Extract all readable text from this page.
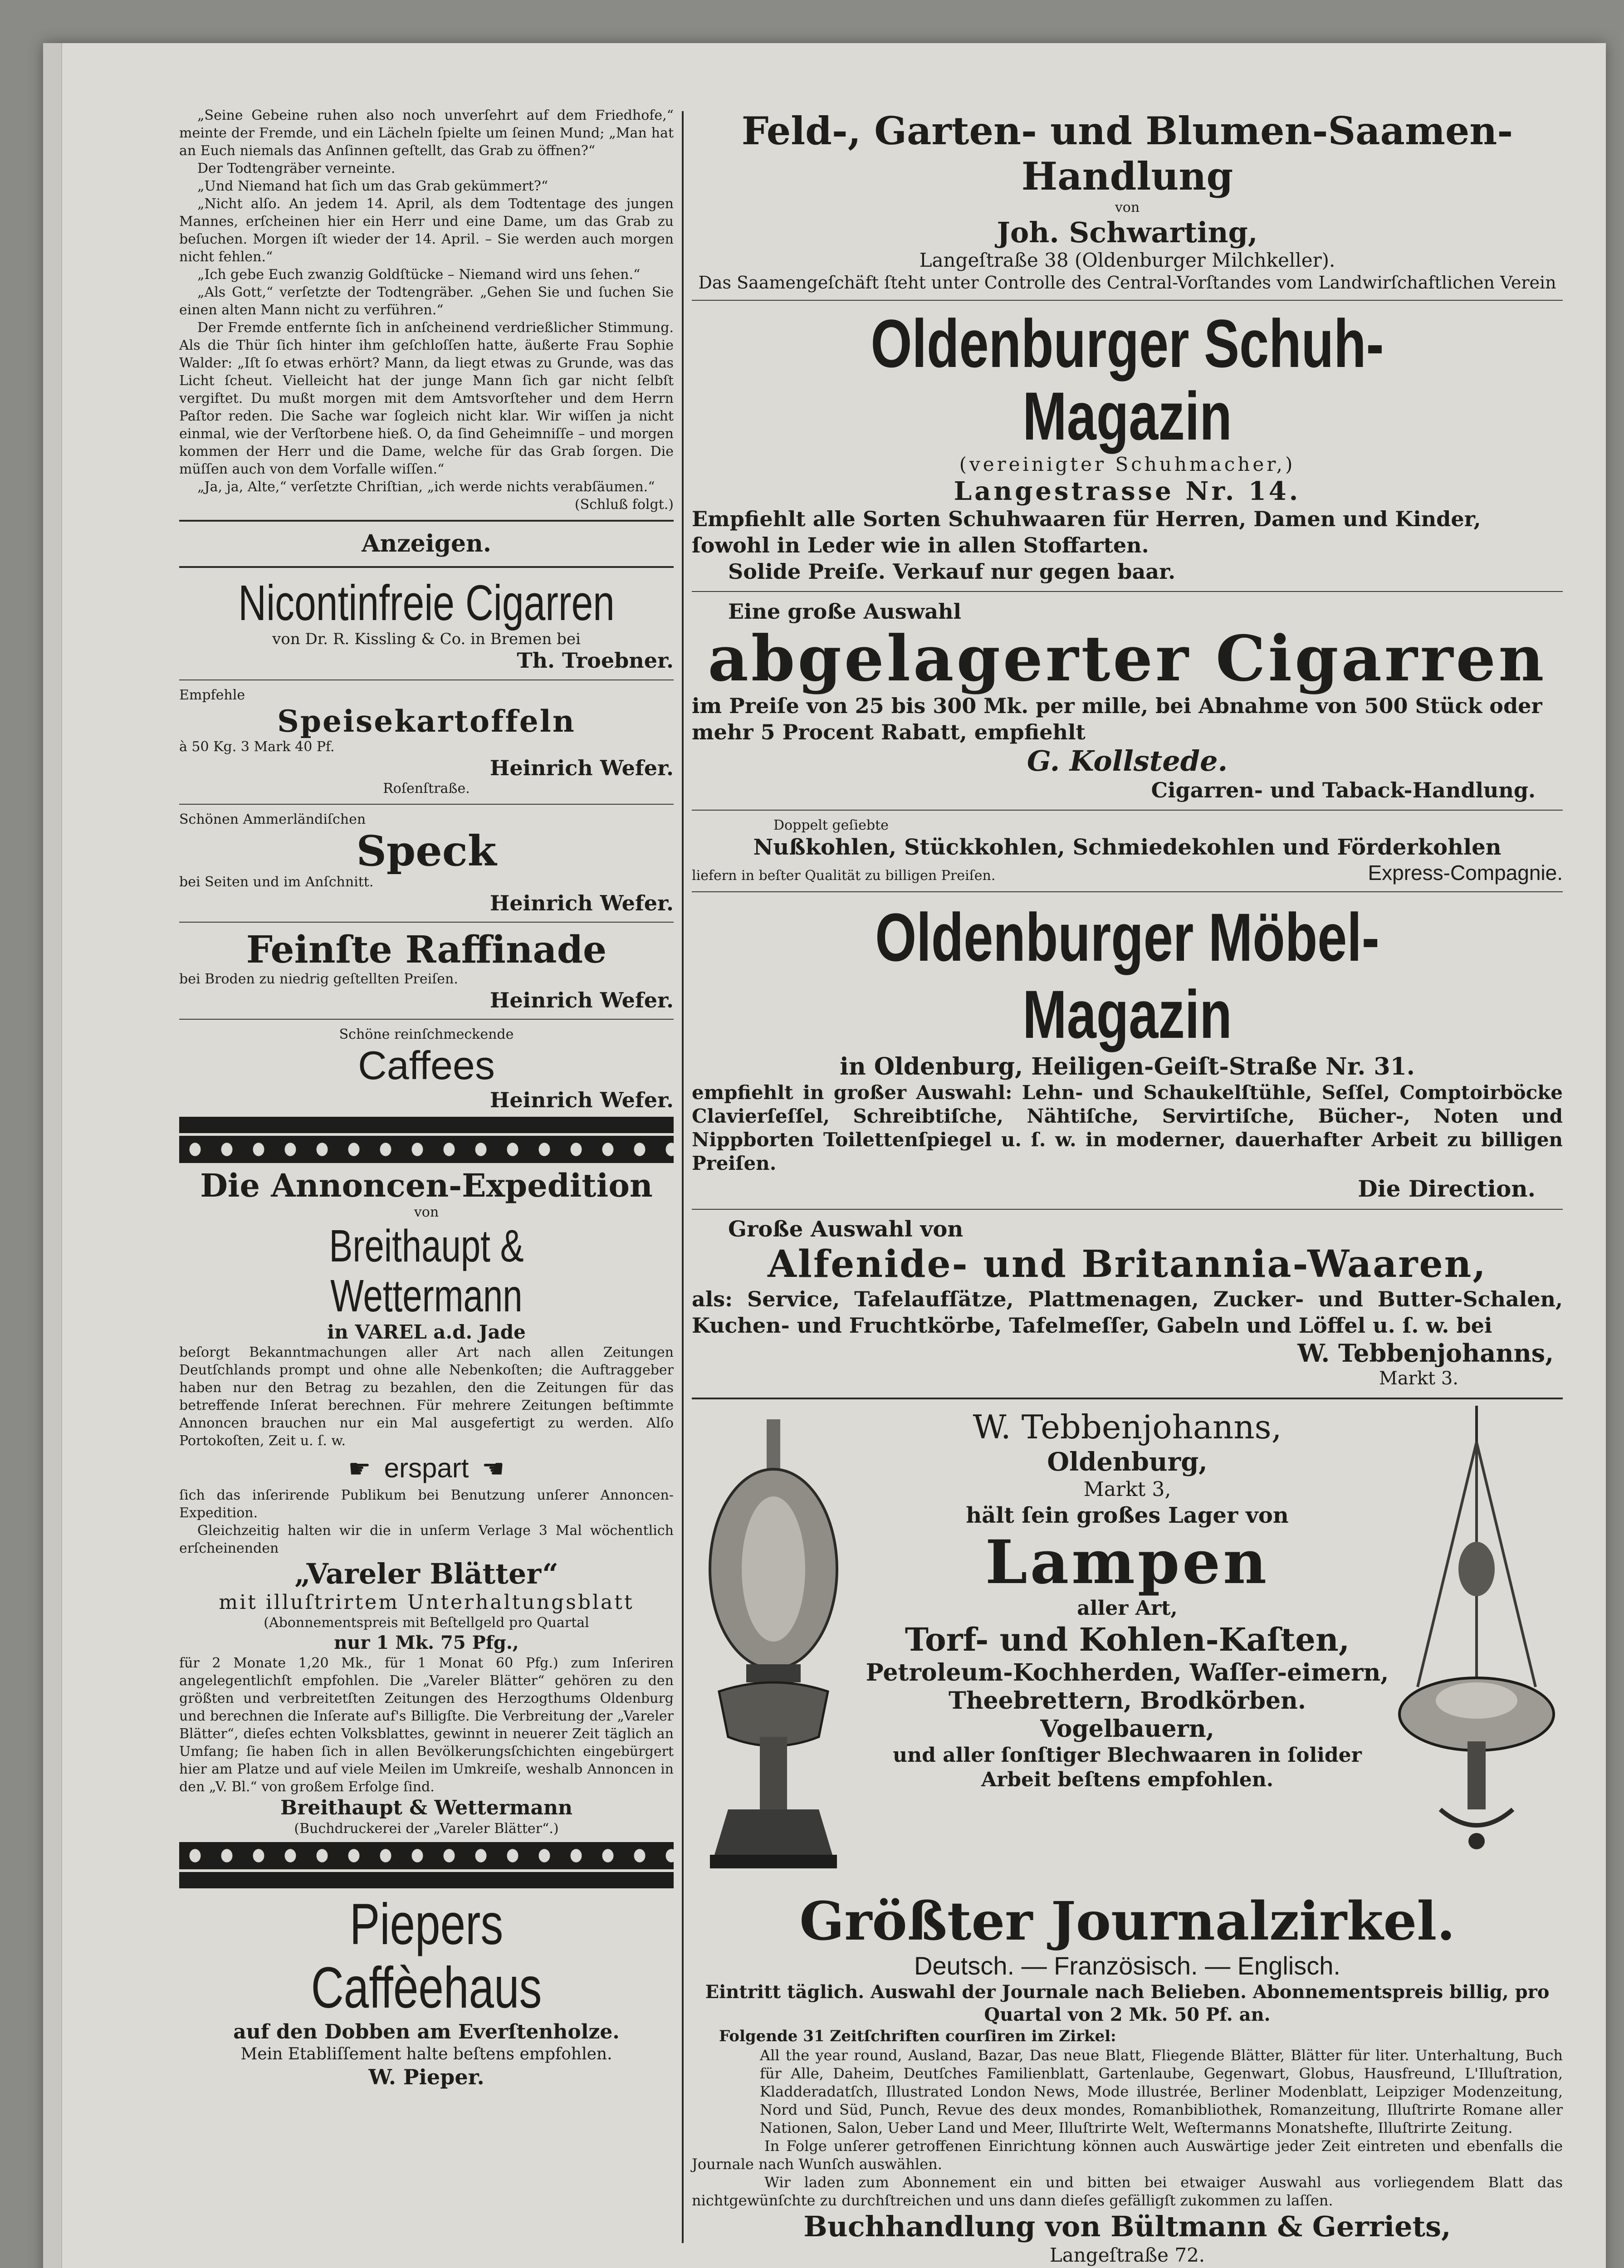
„Seine Gebeine ruhen also noch unverſehrt auf dem Friedhofe,“ meinte der Fremde, und ein Lächeln ſpielte um ſeinen Mund; „Man hat an Euch niemals das Anſinnen geſtellt, das Grab zu öffnen?“

Der Todtengräber verneinte.

„Und Niemand hat ſich um das Grab gekümmert?“

„Nicht alſo. An jedem 14. April, als dem Todtentage des jungen Mannes, erſcheinen hier ein Herr und eine Dame, um das Grab zu beſuchen. Morgen iſt wieder der 14. April. – Sie werden auch morgen nicht fehlen.“

„Ich gebe Euch zwanzig Goldſtücke – Niemand wird uns ſehen.“

„Als Gott,“ verſetzte der Todtengräber. „Gehen Sie und ſuchen Sie einen alten Mann nicht zu verführen.“

Der Fremde entfernte ſich in anſcheinend verdrießlicher Stimmung. Als die Thür ſich hinter ihm geſchloſſen hatte, äußerte Frau Sophie Walder: „Iſt ſo etwas erhört? Mann, da liegt etwas zu Grunde, was das Licht ſcheut. Vielleicht hat der junge Mann ſich gar nicht ſelbſt vergiftet. Du mußt morgen mit dem Amtsvorſteher und dem Herrn Paſtor reden. Die Sache war ſogleich nicht klar. Wir wiſſen ja nicht einmal, wie der Verſtorbene hieß. O, da ſind Geheimniſſe – und morgen kommen der Herr und die Dame, welche für das Grab ſorgen. Die müſſen auch von dem Vorfalle wiſſen.“

„Ja, ja, Alte,“ verſetzte Chriſtian, „ich werde nichts verabſäumen.“

(Schluß folgt.)

Anzeigen.

Nicontinfreie Cigarren

von Dr. R. Kissling & Co. in Bremen bei

Th. Troebner.

Empfehle

Speisekartoffeln

à 50 Kg. 3 Mark 40 Pf.

Heinrich Wefer.

Roſenſtraße.

Schönen Ammerländiſchen

Speck

bei Seiten und im Anſchnitt.

Heinrich Wefer.

Feinſte Raffinade

bei Broden zu niedrig geſtellten Preiſen.

Heinrich Wefer.

Schöne reinſchmeckende

Caffees

Heinrich Wefer.

Die Annoncen-Expedition

von

Breithaupt & Wettermann

in VAREL a.d. Jade

beſorgt Bekanntmachungen aller Art nach allen Zeitungen Deutſchlands prompt und ohne alle Nebenkoſten; die Auftraggeber haben nur den Betrag zu bezahlen, den die Zeitungen für das betreffende Inſerat berechnen. Für mehrere Zeitungen beſtimmte Annoncen brauchen nur ein Mal ausgefertigt zu werden. Alſo Portokoſten, Zeit u. ſ. w.

☛ erspart ☛

ſich das inſerirende Publikum bei Benutzung unſerer Annoncen-Expedition.

Gleichzeitig halten wir die in unſerm Verlage 3 Mal wöchentlich erſcheinenden

„Vareler Blätter“

mit illuſtrirtem Unterhaltungsblatt

(Abonnementspreis mit Beſtellgeld pro Quartal

nur 1 Mk. 75 Pfg.,

für 2 Monate 1,20 Mk., für 1 Monat 60 Pfg.) zum Inſeriren angelegentlichſt empfohlen. Die „Vareler Blätter“ gehören zu den größten und verbreitetſten Zeitungen des Herzogthums Oldenburg und berechnen die Inſerate auf's Billigſte. Die Verbreitung der „Vareler Blätter“, dieſes echten Volksblattes, gewinnt in neuerer Zeit täglich an Umfang; ſie haben ſich in allen Bevölkerungsſchichten eingebürgert hier am Platze und auf viele Meilen im Umkreiſe, weshalb Annoncen in den „V. Bl.“ von großem Erfolge ſind.

Breithaupt & Wettermann

(Buchdruckerei der „Vareler Blätter“.)

Piepers Caffèehaus

auf den Dobben am Everſtenholze.

Mein Etabliſſement halte beſtens empfohlen.

W. Pieper.

Feld-, Garten- und Blumen-Saamen-Handlung

von

Joh. Schwarting,

Langeſtraße 38 (Oldenburger Milchkeller).

Das Saamengeſchäft ſteht unter Controlle des Central-Vorſtandes vom Landwirſchaftlichen Verein

Oldenburger Schuh-Magazin

(vereinigter Schuhmacher,)

Langestrasse Nr. 14.

Empfiehlt alle Sorten Schuhwaaren für Herren, Damen und Kinder, ſowohl in Leder wie in allen Stoffarten.

Solide Preiſe. Verkauf nur gegen baar.

Eine große Auswahl

abgelagerter Cigarren

im Preiſe von 25 bis 300 Mk. per mille, bei Abnahme von 500 Stück oder mehr 5 Procent Rabatt, empfiehlt

G. Kollstede.

Cigarren- und Taback-Handlung.

Doppelt geſiebte

Nußkohlen, Stückkohlen, Schmiedekohlen und Förderkohlen

liefern in beſter Qualität zu billigen Preiſen.	Express-Compagnie.
Oldenburger Möbel-Magazin

in Oldenburg, Heiligen-Geiſt-Straße Nr. 31.

empfiehlt in großer Auswahl: Lehn- und Schaukelſtühle, Seſſel, Comptoirböcke Clavierſeſſel, Schreibtiſche, Nähtiſche, Servirtiſche, Bücher-, Noten und Nippborten Toilettenſpiegel u. ſ. w. in moderner, dauerhafter Arbeit zu billigen Preiſen.

Die Direction.

Große Auswahl von

Alfenide- und Britannia-Waaren,

als: Service, Tafelaufſätze, Plattmenagen, Zucker- und Butter-Schalen, Kuchen- und Fruchtkörbe, Tafelmeſſer, Gabeln und Löffel u. ſ. w. bei

W. Tebbenjohanns,

Markt 3.

W. Tebbenjohanns,

Oldenburg,

Markt 3,

hält ſein großes Lager von

Lampen

aller Art,

Torf- und Kohlen-Kaſten,

Petroleum-Kochherden, Waſſer-eimern, Theebrettern, Brodkörben. Vogelbauern,

und aller ſonſtiger Blechwaaren in ſolider Arbeit beſtens empfohlen.

Größter Journalzirkel.

Deutsch. — Französisch. — Englisch.

Eintritt täglich. Auswahl der Journale nach Belieben. Abonnementspreis billig, pro Quartal von 2 Mk. 50 Pf. an.

Folgende 31 Zeitſchriften courſiren im Zirkel:

All the year round, Ausland, Bazar, Das neue Blatt, Fliegende Blätter, Blätter für liter. Unterhaltung, Buch für Alle, Daheim, Deutſches Familienblatt, Gartenlaube, Gegenwart, Globus, Hausfreund, L'Illuſtration, Kladderadatſch, Illustrated London News, Mode illustrée, Berliner Modenblatt, Leipziger Modenzeitung, Nord und Süd, Punch, Revue des deux mondes, Romanbibliothek, Romanzeitung, Illuſtrirte Romane aller Nationen, Salon, Ueber Land und Meer, Illuſtrirte Welt, Weſtermanns Monatshefte, Illuſtrirte Zeitung.

In Folge unſerer getroffenen Einrichtung können auch Auswärtige jeder Zeit eintreten und ebenfalls die Journale nach Wunſch auswählen.

Wir laden zum Abonnement ein und bitten bei etwaiger Auswahl aus vorliegendem Blatt das nichtgewünſchte zu durchſtreichen und uns dann dieſes gefälligſt zukommen zu laſſen.

Buchhandlung von Bültmann & Gerriets,

Langeſtraße 72.
